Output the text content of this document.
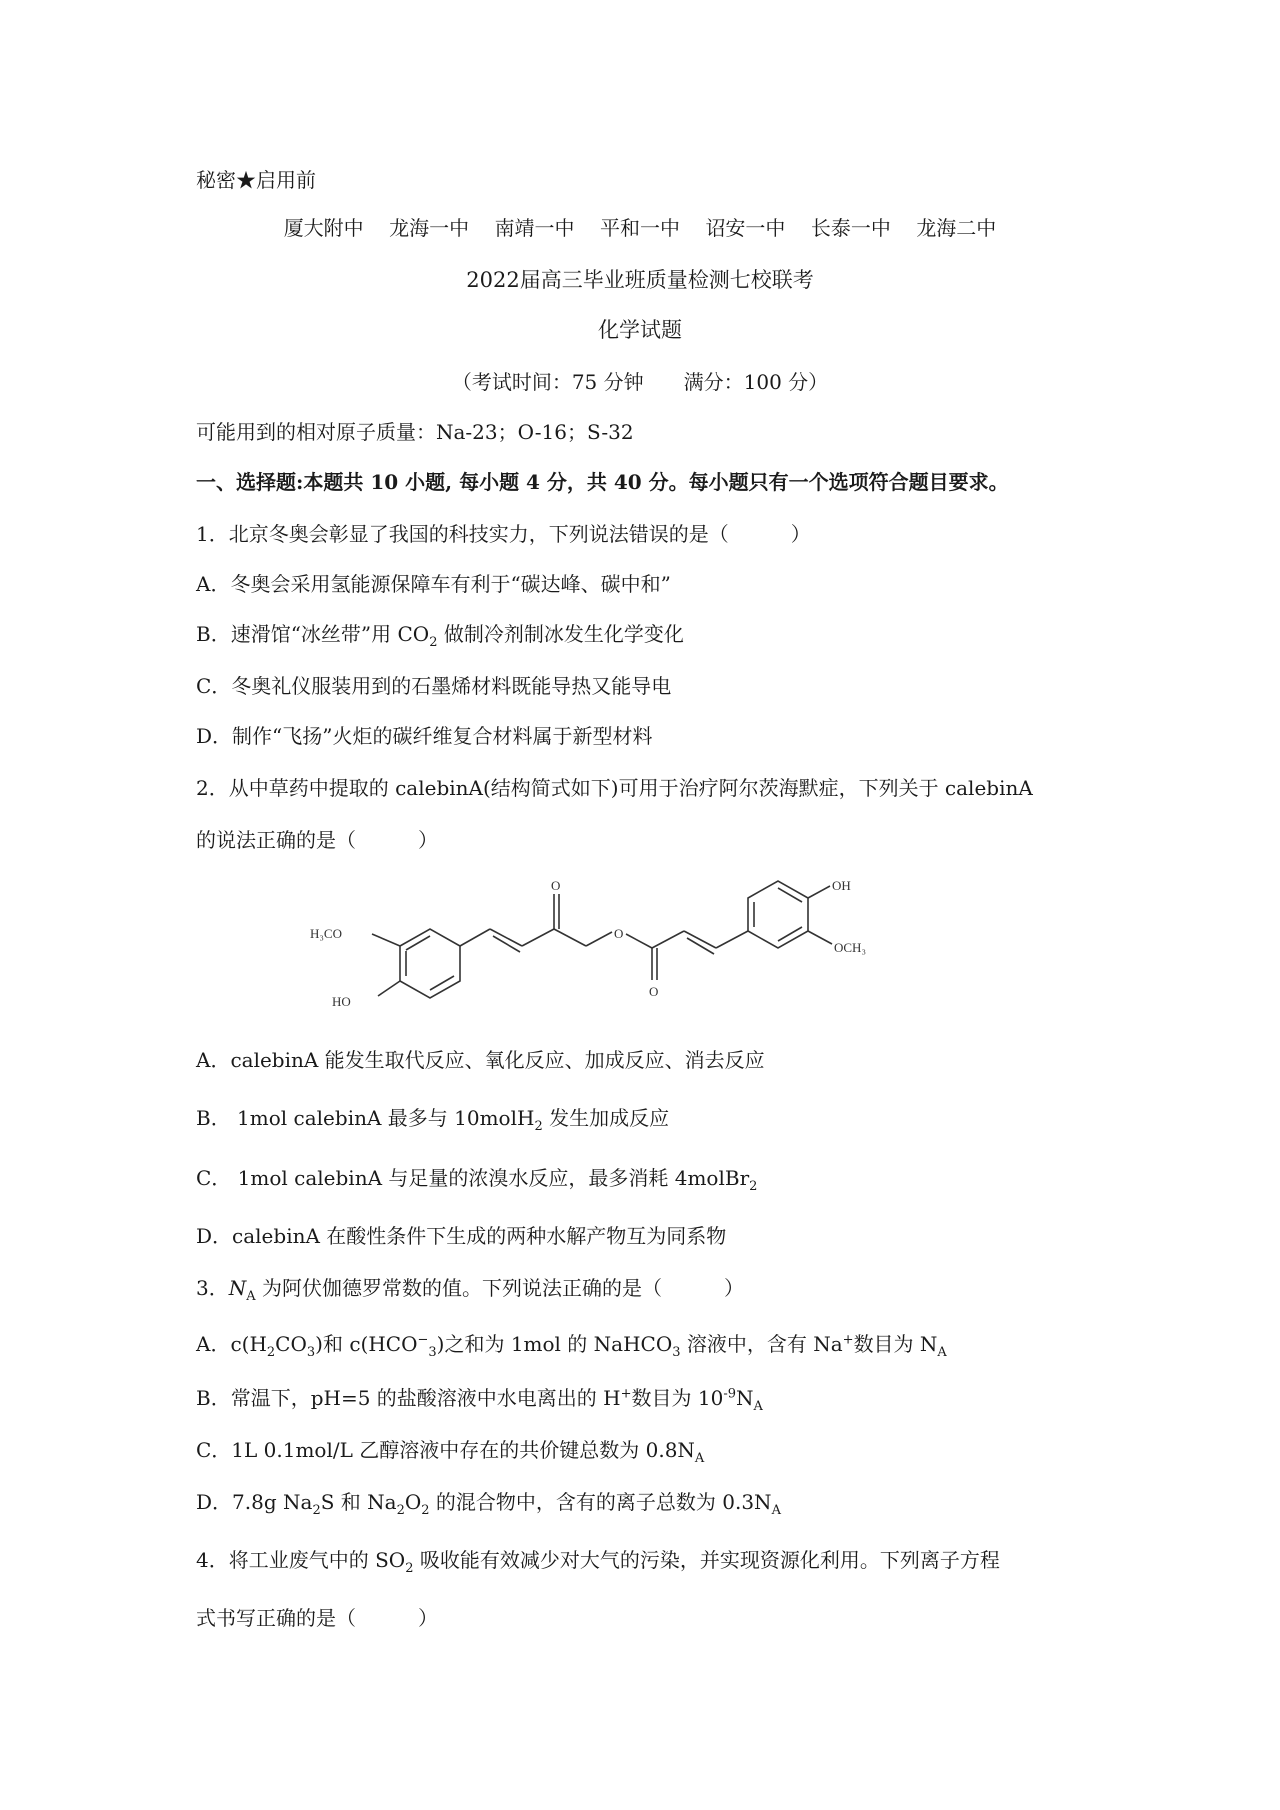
秘密★启用前
厦大附中 龙海一中 南靖一中 平和一中 诏安一中 长泰一中 龙海二中
2022届高三毕业班质量检测七校联考
化学试题
（考试时间：75 分钟　　满分：100 分）
可能用到的相对原子质量：Na-23；O-16；S-32
一、选择题:本题共 10 小题, 每小题 4 分，共 40 分。每小题只有一个选项符合题目要求。
1．北京冬奥会彰显了我国的科技实力，下列说法错误的是（	）
A．冬奥会采用氢能源保障车有利于“碳达峰、碳中和”
B．速滑馆“冰丝带”用 $CO_2$ 做制冷剂制冰发生化学变化
C．冬奥礼仪服装用到的石墨烯材料既能导热又能导电
D．制作“飞扬”火炬的碳纤维复合材料属于新型材料
2．从中草药中提取的 calebinA(结构简式如下)可用于治疗阿尔茨海默症，下列关于 calebinA
的说法正确的是（	）
H₃CO
HO
O
O
O
OH
OCH₃
A．calebinA 能发生取代反应、氧化反应、加成反应、消去反应
B． 1mol calebinA 最多与 10molH$_2$ 发生加成反应
C． 1mol calebinA 与足量的浓溴水反应，最多消耗 4molBr$_2$
D．calebinA 在酸性条件下生成的两种水解产物互为同系物
3．$N_A$ 为阿伏伽德罗常数的值。下列说法正确的是（	）
A．$c(H_2CO_3)$和 $c(HCO^-_3)$之和为 1mol 的 NaHCO$_3$ 溶液中，含有 Na+数目为 $N_A$
B．常温下，pH=5 的盐酸溶液中水电离出的 H+数目为 $10^{-9}N_A$
C．1L 0.1mol/L 乙醇溶液中存在的共价键总数为 $0.8N_A$
D．7.8g $Na_2S$ 和 $Na_2O_2$ 的混合物中，含有的离子总数为 $0.3N_A$
4．将工业废气中的 $SO_2$ 吸收能有效减少对大气的污染，并实现资源化利用。下列离子方程
式书写正确的是（	）
